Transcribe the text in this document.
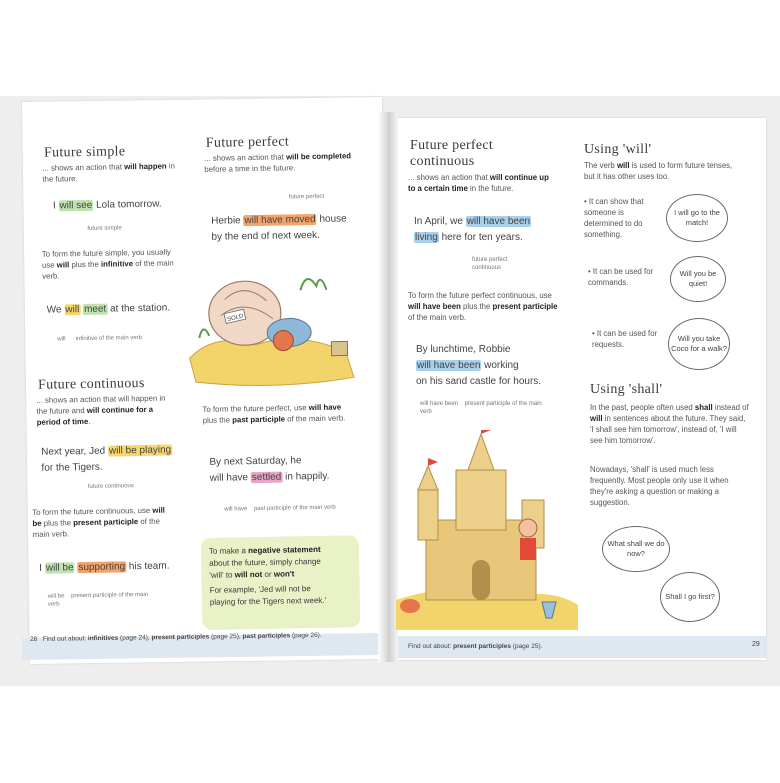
28 Find out about: infinitives (page 24), present participles (page 25), past participles (page 26).
Find out about: present participles (page 25).	29
Future simple
... shows an action that will happen in the future.
I will see Lola tomorrow.
future simple
To form the future simple, you usually use will plus the infinitive of the main verb.
We will meet at the station.
will infinitive of the main verb
Future continuous
... shows an action that will happen in the future and will continue for a period of time.
Next year, Jed will be playing
for the Tigers.
future continuous
To form the future continuous, use will be plus the present participle of the main verb.
I will be supporting his team.
will be present participle of the main verb
Future perfect
... shows an action that will be completed before a time in the future.
future perfect
Herbie will have moved house
by the end of next week.
SOLD
To form the future perfect, use will have plus the past participle of the main verb.
By next Saturday, he
will have settled in happily.
will have past participle of the main verb
To make a negative statement
about the future, simply change
'will' to will not or won't
For example, 'Jed will not be
playing for the Tigers next week.'
Future perfect
continuous
... shows an action that will continue up to a certain time in the future.
In April, we will have been
living here for ten years.
future perfect continuous
To form the future perfect continuous, use will have been plus the present participle of the main verb.
By lunchtime, Robbie
will have been working
on his sand castle for hours.
will have been present participle of the main verb
Using 'will'
The verb will is used to form future tenses, but it has other uses too.
• It can show that someone is determined to do something.
I will go to the match!
• It can be used for commands.
Will you be quiet!
• It can be used for requests.
Will you take Coco for a walk?
Using 'shall'
In the past, people often used shall instead of will in sentences about the future. They said, 'I shall see him tomorrow', instead of, 'I will see him tomorrow'.
Nowadays, 'shall' is used much less frequently. Most people only use it when they're asking a question or making a suggestion.
What shall we do now?
Shall I go first?
